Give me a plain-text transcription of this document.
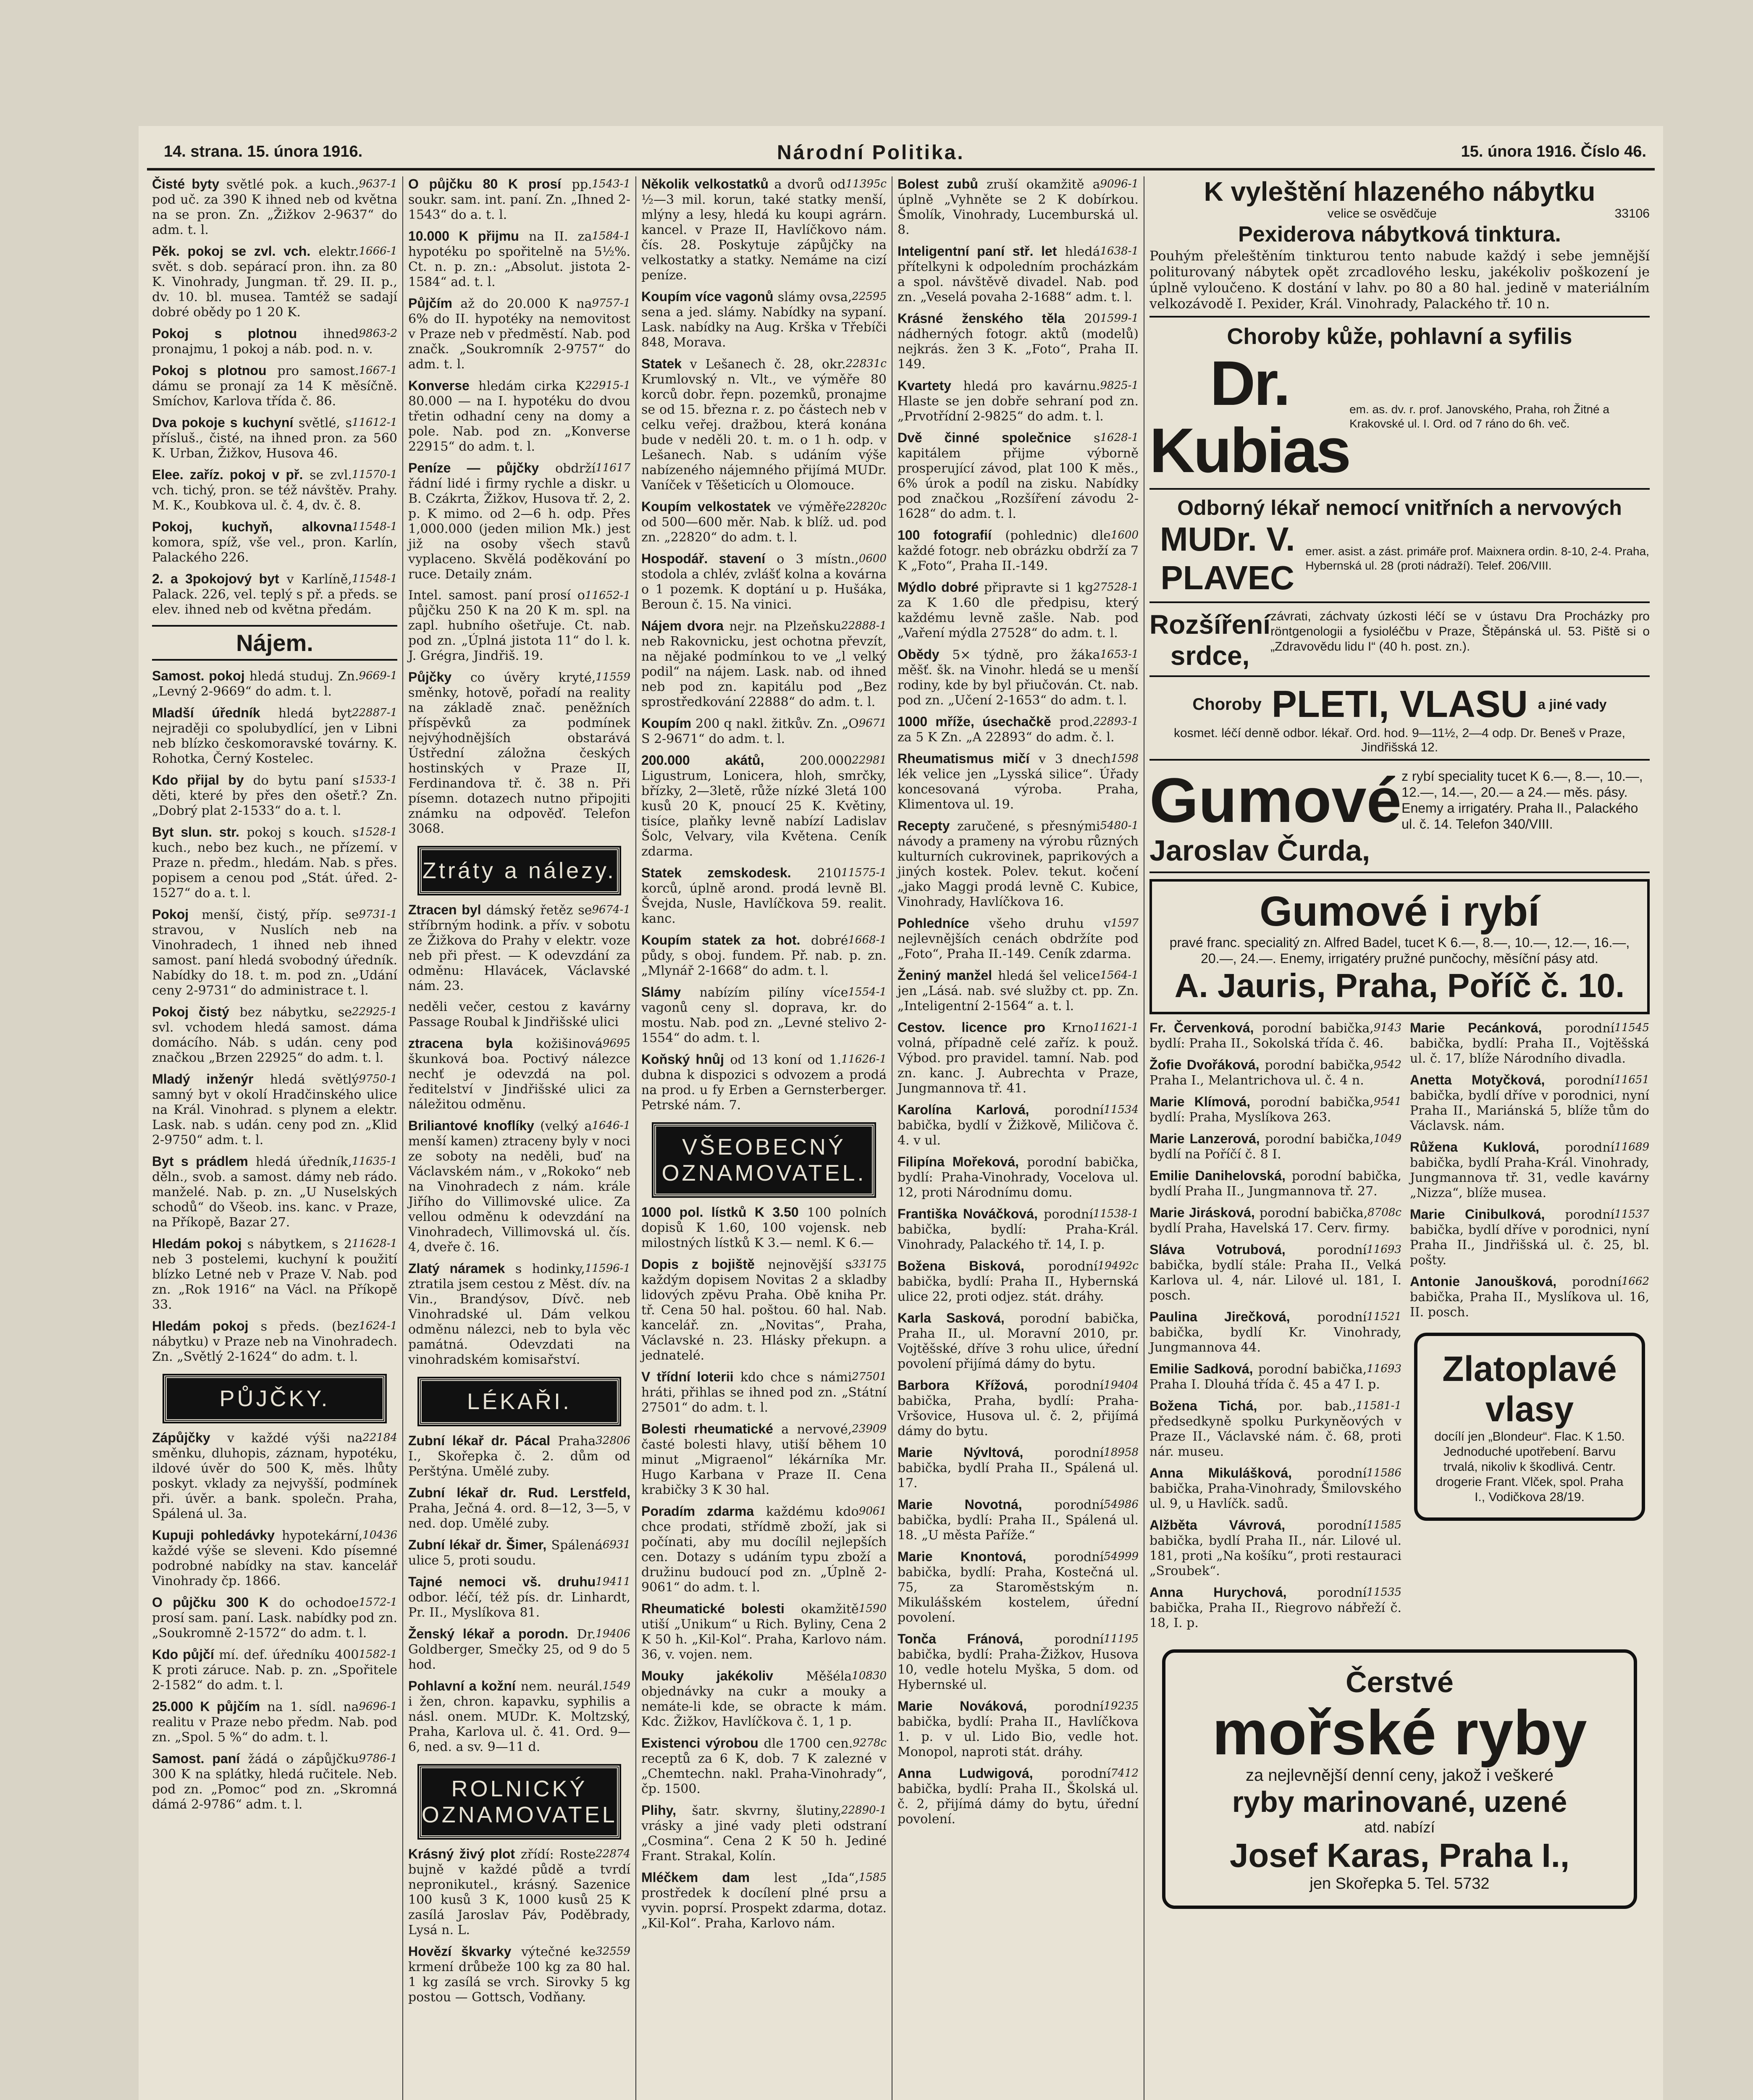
14. strana. 15. února 1916.	Národní Politika.	15. února 1916. Číslo 46.
9637-1
Čisté byty světlé pok. a kuch., pod uč. za 390 K ihned neb od května na se pron. Zn. „Žižkov 2-9637“ do adm. t. l.
1666-1
Pěk. pokoj se zvl. vch. elektr. svět. s dob. sepárací pron. ihn. za 80 K. Vinohrady, Jungman. tř. 29. II. p., dv. 10. bl. musea. Tamtéž se sadají dobré obědy po 1 20 K.
9863-2
Pokoj s plotnou ihned pronajmu, 1 pokoj a náb. pod. n. v.
1667-1
Pokoj s plotnou pro samost. dámu se pronají za 14 K měsíčně. Smíchov, Karlova třída č. 86.
11612-1
Dva pokoje s kuchyní světlé, s přísluš., čisté, na ihned pron. za 560 K. Urban, Žižkov, Husova 46.
11570-1
Elee. zaříz. pokoj v př. se zvl. vch. tichý, pron. se též návštěv. Prahy. M. K., Koubkova ul. č. 4, dv. č. 8.
11548-1
Pokoj, kuchyň, alkovna komora, spíž, vše vel., pron. Karlín, Palackého 226.
11548-1
2. a 3pokojový byt v Karlíně, Palack. 226, vel. teplý s př. a předs. se elev. ihned neb od května předám.
Nájem.
9669-1
Samost. pokoj hledá studuj. Zn. „Levný 2-9669“ do adm. t. l.
22887-1
Mladší úředník hledá byt nejraději co spolubydlící, jen v Libni neb blízko českomoravské továrny. K. Rohotka, Černý Kostelec.
1533-1
Kdo přijal by do bytu paní s děti, které by přes den ošetř.? Zn. „Dobrý plat 2-1533“ do a. t. l.
1528-1
Byt slun. str. pokoj s kouch. s kuch., nebo bez kuch., ne přízemí. v Praze n. předm., hledám. Nab. s přes. popisem a cenou pod „Stát. úřed. 2-1527“ do a. t. l.
9731-1
Pokoj menší, čistý, příp. se stravou, v Nuslích neb na Vinohradech, 1 ihned neb ihned samost. paní hledá svobodný úředník. Nabídky do 18. t. m. pod zn. „Udání ceny 2-9731“ do administrace t. l.
22925-1
Pokoj čistý bez nábytku, se svl. vchodem hledá samost. dáma domácího. Náb. s udán. ceny pod značkou „Brzen 22925“ do adm. t. l.
9750-1
Mladý inženýr hledá světlý samný byt v okolí Hradčinského ulice na Král. Vinohrad. s plynem a elektr. Lask. nab. s udán. ceny pod zn. „Klid 2-9750“ adm. t. l.
11635-1
Byt s prádlem hledá úředník, děln., svob. a samost. dámy neb rádo. manželé. Nab. p. zn. „U Nuselských schodů“ do Všeob. ins. kanc. v Praze, na Příkopě, Bazar 27.
11628-1
Hledám pokoj s nábytkem, s 2 neb 3 postelemi, kuchyní k použití blízko Letné neb v Praze V. Nab. pod zn. „Rok 1916“ na Václ. na Příkopě 33.
1624-1
Hledám pokoj s předs. (bez nábytku) v Praze neb na Vinohradech. Zn. „Světlý 2-1624“ do adm. t. l.
PŮJČKY.
22184
Zápůjčky v každé výši na směnku, dluhopis, záznam, hypotéku, ildové úvěr do 500 K, měs. lhůty poskyt. vklady za nejvyšší, podmínek při. úvěr. a bank. společn. Praha, Spálená ul. 3a.
10436
Kupuji pohledávky hypotekární, každé výše se sleveni. Kdo písemné podrobné nabídky na stav. kancelář Vinohrady čp. 1866.
1572-1
O půjčku 300 K do ochodoe prosí sam. paní. Lask. nabídky pod zn. „Soukromně 2-1572“ do adm. t. l.
1582-1
Kdo půjčí mí. def. úředníku 400 K proti záruce. Nab. p. zn. „Spořitele 2-1582“ do adm. t. l.
9696-1
25.000 K půjčím na 1. sídl. na realitu v Praze nebo předm. Nab. pod zn. „Spol. 5 %“ do adm. t. l.
9786-1
Samost. paní žádá o zápůjčku 300 K na splátky, hledá ručitele. Neb. pod zn. „Pomoc“ pod zn. „Skromná dámá 2-9786“ adm. t. l.
1543-1
O půjčku 80 K prosí pp. soukr. sam. int. paní. Zn. „Ihned 2-1543“ do a. t. l.
1584-1
10.000 K přijmu na II. za hypotéku po spořitelně na 5½%. Ct. n. p. zn.: „Absolut. jistota 2-1584“ ad. t. l.
9757-1
Půjčím až do 20.000 K na 6% do II. hypotéky na nemovitost v Praze neb v předměstí. Nab. pod značk. „Soukromník 2-9757“ do adm. t. l.
22915-1
Konverse hledám cirka K 80.000 — na I. hypotéku do dvou třetin odhadní ceny na domy a pole. Nab. pod zn. „Konverse 22915“ do adm. t. l.
11617
Peníze — půjčky obdrží řádní lidé i firmy rychle a diskr. u B. Czákrta, Žižkov, Husova tř. 2, 2. p. K mimo. od 2—6 h. odp. Přes 1,000.000 (jeden milion Mk.) jest již na osoby všech stavů vyplaceno. Skvělá poděkování po ruce. Detaily znám.
11652-1
Intel. samost. paní prosí o půjčku 250 K na 20 K m. spl. na zapl. hubního ošetřuje. Ct. nab. pod zn. „Úplná jistota 11“ do l. k. J. Grégra, Jindřiš. 19.
11559
Půjčky co úvěry kryté, směnky, hotově, pořadí na reality na základě znač. peněžních příspěvků za podmínek nejvýhodnějších obstarává Ústřední záložna českých hostinských v Praze II, Ferdinandova tř. č. 38 n. Při písemn. dotazech nutno připojiti známku na odpověď. Telefon 3068.
Ztráty a nálezy.
9674-1
Ztracen byl dámský řetěz se stříbrným hodink. a přív. v sobotu ze Žižkova do Prahy v elektr. voze neb při přest. — K odevzdání za odměnu: Hlavácek, Václavské nám. 23.
neděli večer, cestou z kavárny Passage Roubal k Jindřišské ulici
9695
ztracena byla kožišinová škunková boa. Poctivý nálezce nechť je odevzdá na pol. ředitelství v Jindřišské ulici za náležitou odměnu.
1646-1
Briliantové knoflíky (velký a menší kamen) ztraceny byly v noci ze soboty na neděli, buď na Václavském nám., v „Rokoko“ neb na Vinohradech z nám. krále Jiřího do Villimovské ulice. Za vellou odměnu k odevzdání na Vinohradech, Villimovská ul. čís. 4, dveře č. 16.
11596-1
Zlatý náramek s hodinky, ztratila jsem cestou z Měst. dív. na Vin., Brandýsov, Dívč. neb Vinohradské ul. Dám velkou odměnu nálezci, neb to byla věc památná. Odevzdati na vinohradském komisařství.
LÉKAŘI.
32806
Zubní lékař dr. Pácal Praha I., Skořepka č. 2. dům od Perštýna. Umělé zuby.
Zubní lékař dr. Rud. Lerstfeld, Praha, Ječná 4. ord. 8—12, 3—5, v ned. dop. Umělé zuby.
6931
Zubní lékař dr. Šimer, Spálená ulice 5, proti soudu.
19411
Tajné nemoci vš. druhu odbor. léčí, též pís. dr. Linhardt, Pr. II., Myslíkova 81.
19406
Ženský lékař a porodn. Dr. Goldberger, Smečky 25, od 9 do 5 hod.
1549
Pohlavní a kožní nem. neurál. i žen, chron. kapavku, syphilis a násl. onem. MUDr. K. Moltzský, Praha, Karlova ul. č. 41. Ord. 9—6, ned. a sv. 9—11 d.
ROLNICKÝ OZNAMOVATEL
22874
Krásný živý plot zřídí: Roste bujně v každé půdě a tvrdí nepronikutel., krásný. Sazenice 100 kusů 3 K, 1000 kusů 25 K zasílá Jaroslav Páv, Poděbrady, Lysá n. L.
32559
Hovězí škvarky výtečné ke krmení drůbeže 100 kg za 80 hal. 1 kg zasílá se vrch. Sirovky 5 kg postou — Gottsch, Vodňany.
11395c
Několik velkostatků a dvorů od ½—3 mil. korun, také statky menší, mlýny a lesy, hledá ku koupi agrárn. kancel. v Praze II, Havlíčkovo nám. čís. 28. Poskytuje zápůjčky na velkostatky a statky. Nemáme na cizí peníze.
22595
Koupím více vagonů slámy ovsa, sena a jed. slámy. Nabídky na sypaní. Lask. nabídky na Aug. Krška v Třebíči 848, Morava.
22831c
Statek v Lešanech č. 28, okr. Krumlovský n. Vlt., ve výměře 80 korců dobr. řepn. pozemků, pronajme se od 15. března r. z. po částech neb v celku veřej. dražbou, která konána bude v neděli 20. t. m. o 1 h. odp. v Lešanech. Nab. s udáním výše nabízeného nájemného přijímá MUDr. Vaníček v Těšeticích u Olomouce.
22820c
Koupím velkostatek ve výměře od 500—600 měr. Nab. k blíž. ud. pod zn. „22820“ do adm. t. l.
0600
Hospodář. stavení o 3 místn., stodola a chlév, zvlášť kolna a kovárna o 1 pozemk. K doptání u p. Hušáka, Beroun č. 15. Na vinici.
22888-1
Nájem dvora nejr. na Plzeňsku neb Rakovnicku, jest ochotna převzít, na nějaké podmínkou to ve „l velký podil“ na nájem. Lask. nab. od ihned neb pod zn. kapitálu pod „Bez sprostředkování 22888“ do adm. t. l.
9671
Koupím 200 q nakl. žitkův. Zn. „O S 2-9671“ do adm. t. l.
22981
200.000 akátů,	200.000 Ligustrum, Lonicera, hloh, smrčky, břízky, 2—3letě, růže nízké 3letá 100 kusů 20 K, pnoucí 25 K. Květiny, tisíce, plaňky levně nabízí Ladislav Šolc, Velvary, vila Květena. Ceník zdarma.
11575-1
Statek zemskodesk. 210 korců, úplně arond. prodá levně Bl. Švejda, Nusle, Havlíčkova 59. realit. kanc.
1668-1
Koupím statek za hot. dobré půdy, s oboj. fundem. Př. nab. p. zn. „Mlynář 2-1668“ do adm. t. l.
1554-1
Slámy nabízím pilíny více vagonů ceny sl. doprava, kr. do mostu. Nab. pod zn. „Levné stelivo 2-1554“ do adm. t. l.
11626-1
Koňský hnůj od 13 koní od 1. dubna k dispozici s odvozem a prodá na prod. u fy Erben a Gernsterberger. Petrské nám. 7.
VŠEOBECNÝ OZNAMOVATEL.
1000 pol. lístků K 3.50 100 polních dopisů K 1.60, 100 vojensk. neb milostných lístků K 3.— neml. K 6.—
33175
Dopis z bojiště nejnovější s každým dopisem Novitas 2 a skladby lidových zpěvu Praha. Obě kniha Pr. tř. Cena 50 hal. poštou. 60 hal. Nab. kancelář. zn. „Novitas“, Praha, Václavské n. 23. Hlásky překupn. a jednatelé.
27501
V třídní loterii kdo chce s námi hráti, přihlas se ihned pod zn. „Státní 27501“ do adm. t. l.
23909
Bolesti rheumatické a nervové, časté bolesti hlavy, utiší během 10 minut „Migraenol“ lékárníka Mr. Hugo Karbana v Praze II. Cena krabičky 3 K 30 hal.
9061
Poradím zdarma každému kdo chce prodati, střídmě zboží, jak si počínati, aby mu docílil nejlepších cen. Dotazy s udáním typu zboží a družinu budoucí pod zn. „Úplně 2-9061“ do adm. t. l.
1590
Rheumatické bolesti okamžitě utiší „Unikum“ u Rich. Byliny, Cena 2 K 50 h. „Kil-Kol“. Praha, Karlovo nám. 36, v. vojen. nem.
10830
Mouky jakékoliv	Měšéla objednávky na cukr a mouky a nemáte-li kde, se obracte k mám. Kdc. Žižkov, Havlíčkova č. 1, 1 p.
9278c
Existenci výrobou dle 1700 cen. receptů za 6 K, dob. 7 K zalezné v „Chemtechn. nakl. Praha-Vinohrady“, čp. 1500.
22890-1
Plihy, šatr. skvrny, šlutiny, vrásky a jiné vady pleti odstraní „Cosmina“. Cena 2 K 50 h. Jediné Frant. Strakal, Kolín.
1585
Mléčkem dam lest „Ida“, prostředek k docílení plné prsu a vyvin. poprsí. Prospekt zdarma, dotaz. „Kil-Kol“. Praha, Karlovo nám.
9096-1
Bolest zubů zruší okamžitě a úplně „Vyhněte se 2 K dobírkou. Šmolík, Vinohrady, Lucemburská ul. 8.
1638-1
Inteligentní paní stř. let hledá přítelkyni k odpoledním procházkám a spol. návštěvě divadel. Nab. pod zn. „Veselá povaha 2-1688“ adm. t. l.
1599-1
Krásné ženského těla 20 nádherných fotogr. aktů (modelů) nejkrás. žen 3 K. „Foto“, Praha II. 149.
9825-1
Kvartety hledá pro kavárnu. Hlaste se jen dobře sehraní pod zn. „Prvotřídní 2-9825“ do adm. t. l.
1628-1
Dvě činné společnice s kapitálem přijme výborně prosperující závod, plat 100 K měs., 6% úrok a podíl na zisku. Nabídky pod značkou „Rozšíření závodu 2-1628“ do adm. t. l.
1600
100 fotografií (pohlednic) dle každé fotogr. neb obrázku obdrží za 7 K „Foto“, Praha II.-149.
27528-1
Mýdlo dobré připravte si 1 kg za K 1.60 dle předpisu, který každému levně zašle. Nab. pod „Vaření mýdla 27528“ do adm. t. l.
1653-1
Obědy 5× týdně, pro žáka měšť. šk. na Vinohr. hledá se u menší rodiny, kde by byl přiučován. Ct. nab. pod zn. „Učení 2-1653“ do adm. t. l.
22893-1
1000 mříže, úsechačkě prod. za 5 K Zn. „A 22893“ do adm. č. l.
1598
Rheumatismus mičí v 3 dnech lék velice jen „Lysská silice“. Úřady koncesovaná výroba. Praha, Klimentova ul. 19.
5480-1
Recepty zaručené, s přesnými návody a prameny na výrobu různých kulturních cukrovinek, paprikových a jiných kostek. Polev. tekut. kočení „jako Maggi prodá levně C. Kubice, Vinohrady, Havlíčkova 16.
1597
Pohledníce všeho druhu v nejlevnějších cenách obdržíte pod „Foto“, Praha II.-149. Ceník zdarma.
1564-1
Ženiný manžel hledá šel velice jen „Lásá. nab. své služby ct. pp. Zn. „Inteligentní 2-1564“ a. t. l.
11621-1
Cestov. licence pro Krno volná, případně celé zaříz. k použ. Výbod. pro pravidel. tamní. Nab. pod zn. kanc. J. Aubrechta v Praze, Jungmannova tř. 41.
11534
Karolína Karlová, porodní babička, bydlí v Žižkově, Miličova č. 4. v ul.
Filipína Mořeková, porodní babička, bydlí: Praha-Vinohrady, Vocelova ul. 12, proti Národnímu domu.
11538-1
Františka Nováčková, porodní babička, bydlí: Praha-Král. Vinohrady, Palackého tř. 14, I. p.
19492c
Božena Bisková, porodní babička, bydlí: Praha II., Hybernská ulice 22, proti odjez. stát. dráhy.
Karla Sasková, porodní babička, Praha II., ul. Moravní 2010, pr. Vojtěšské, dříve 3 rohu ulice, úřední povolení přijímá dámy do bytu.
19404
Barbora Křížová, porodní babička, Praha, bydlí: Praha-Vršovice, Husova ul. č. 2, přijímá dámy do bytu.
18958
Marie Nývltová, porodní babička, bydlí Praha II., Spálená ul. 17.
54986
Marie Novotná,	porodní babička, bydlí: Praha II., Spálená ul. 18. „U města Paříže.“
54999
Marie Knontová, porodní babička, bydlí: Praha, Kostečná ul. 75, za Staroměstským n. Mikulášském kostelem, úřední povolení.
11195
Tonča Fránová, porodní babička, bydlí: Praha-Žižkov, Husova 10, vedle hotelu Myška, 5 dom. od Hybernské ul.
19235
Marie Nováková, porodní babička, bydlí: Praha II., Havlíčkova 1. p. v ul. Lido Bio, vedle hot. Monopol, naproti stát. dráhy.
7412
Anna Ludwigová, porodní babička, bydlí: Praha II., Školská ul. č. 2, přijímá dámy do bytu, úřední povolení.
K vyleštění hlazeného nábytku
velice se osvědčuje	33106
Pexiderova nábytková tinktura.
Pouhým přeleštěním tinkturou tento nabude každý i sebe jemnější politurovaný nábytek opět zrcadlového lesku, jakékoliv poškození je úplně vyloučeno. K dostání v lahv. po 80 a 80 hal. jedině v materiálním velkozávodě I. Pexider, Král. Vinohrady, Palackého tř. 10 n.
Choroby kůže, pohlavní a syfilis
Dr. Kubias
em. as. dv. r. prof. Janovského, Praha, roh Žitné a Krakovské ul. I. Ord. od 7 ráno do 6h. več.
Odborný lékař nemocí vnitřních a nervových
MUDr. V. PLAVEC
emer. asist. a zást. primáře prof. Maixnera ordin. 8-10, 2-4. Praha, Hybernská ul. 28 (proti nádraží). Telef. 206/VIII.
Rozšíření srdce,
závrati, záchvaty úzkosti léčí se v ústavu Dra Procházky pro röntgenologii a fysioléčbu v Praze, Štěpánská ul. 53. Piště si o „Zdravovědu lidu I“ (40 h. post. zn.).
Choroby PLETI, VLASU a jiné vady
kosmet. léčí denně odbor. lékař. Ord. hod. 9—11½, 2—4 odp. Dr. Beneš v Praze, Jindřišská 12.
Gumové z rybí speciality tucet K 6.—, 8.—, 10.—, 12.—, 14.—, 20.— a 24.— měs. pásy. Enemy a irrigatéry. Praha II., Palackého ul. č. 14. Telefon 340/VIII.
Jaroslav Čurda,
Gumové i rybí
pravé franc. specialitý zn. Alfred Badel, tucet K 6.—, 8.—, 10.—, 12.—, 16.—, 20.—, 24.—. Enemy, irrigatéry pružné punčochy, měsíční pásy atd.
A. Jauris, Praha, Poříč č. 10.
9143
Fr. Červenková, porodní babička, bydlí: Praha II., Sokolská třída č. 46.
9542
Žofie Dvořáková, porodní babička, Praha I., Melantrichova ul. č. 4 n.
9541
Marie Klímová, porodní babička, bydlí: Praha, Myslíkova 263.
1049
Marie Lanzerová, porodní babička, bydlí na Poříčí č. 8 I.
Emilie Danihelovská, porodní babička, bydlí Praha II., Jungmannova tř. 27.
8708c
Marie Jirásková, porodní babička, bydlí Praha, Havelská 17. Cerv. firmy.
11693
Sláva Votrubová,	porodní babička, bydlí stále: Praha II., Velká Karlova ul. 4, nár. Lilové ul. 181, I. posch.
11521
Paulina Jirečková, porodní babička, bydlí Kr. Vinohrady, Jungmannova 44.
11693
Emilie Sadková, porodní babička, Praha I. Dlouhá třída č. 45 a 47 I. p.
11581-1
Božena Tichá, por. bab., předsedkyně spolku Purkyněových v Praze II., Václavské nám. č. 68, proti nár. museu.
11586
Anna Mikulášková, porodní babička, Praha-Vinohrady, Šmilovského ul. 9, u Havlíčk. sadů.
11585
Alžběta Vávrová,	porodní babička, bydlí Praha II., nár. Lilové ul. 181, proti „Na košíku“, proti restauraci „Sroubek“.
11535
Anna Hurychová, porodní babička, Praha II., Riegrovo nábřeží č. 18, I. p.
11545
Marie Pecánková, porodní babička, bydlí: Praha II., Vojtěšská ul. č. 17, blíže Národního divadla.
11651
Anetta Motyčková, porodní babička, bydlí dříve v porodnici, nyní Praha II., Mariánská 5, blíže tům do Václavsk. nám.
11689
Růžena Kuklová, porodní babička, bydlí Praha-Král. Vinohrady, Jungmannova tř. 31, vedle kavárny „Nizza“, blíže musea.
11537
Marie Cinibulková, porodní babička, bydlí dříve v porodnici, nyní Praha II., Jindřišská ul. č. 25, bl. pošty.
1662
Antonie Janoušková, porodní babička, Praha II., Myslíkova ul. 16, II. posch.
Zlatoplavé vlasy
docílí jen „Blondeur“. Flac. K 1.50. Jednoduché upotřebení. Barvu trvalá, nikoliv k škodlivá. Centr. drogerie Frant. Vlček, spol. Praha I., Vodičkova 28/19.
Čerstvé
mořské ryby
za nejlevnější denní ceny, jakož i veškeré
ryby marinované, uzené
atd. nabízí
Josef Karas, Praha I.,
jen Skořepka 5. Tel. 5732
